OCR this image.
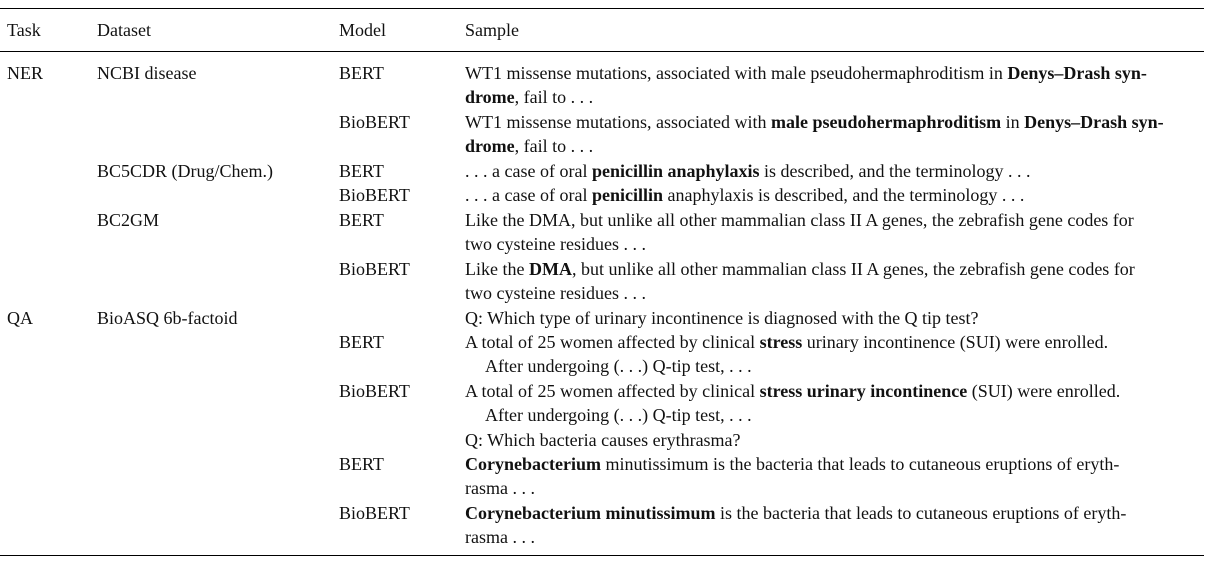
Task	Dataset	Model	Sample
NER	NCBI disease	BERT	WT1 missense mutations, associated with male pseudohermaphroditism in Denys–Drash syn-
drome, fail to . . .
BioBERT	WT1 missense mutations, associated with male pseudohermaphroditism in Denys–Drash syn-
drome, fail to . . .
BC5CDR (Drug/Chem.)	BERT	. . . a case of oral penicillin anaphylaxis is described, and the terminology . . .
BioBERT	. . . a case of oral penicillin anaphylaxis is described, and the terminology . . .
BC2GM	BERT	Like the DMA, but unlike all other mammalian class II A genes, the zebrafish gene codes for
two cysteine residues . . .
BioBERT	Like the DMA, but unlike all other mammalian class II A genes, the zebrafish gene codes for
two cysteine residues . . .
QA	BioASQ 6b-factoid	Q: Which type of urinary incontinence is diagnosed with the Q tip test?
BERT	A total of 25 women affected by clinical stress urinary incontinence (SUI) were enrolled.
After undergoing (. . .) Q-tip test, . . .
BioBERT	A total of 25 women affected by clinical stress urinary incontinence (SUI) were enrolled.
After undergoing (. . .) Q-tip test, . . .
Q: Which bacteria causes erythrasma?
BERT	Corynebacterium minutissimum is the bacteria that leads to cutaneous eruptions of eryth-
rasma . . .
BioBERT	Corynebacterium minutissimum is the bacteria that leads to cutaneous eruptions of eryth-
rasma . . .
